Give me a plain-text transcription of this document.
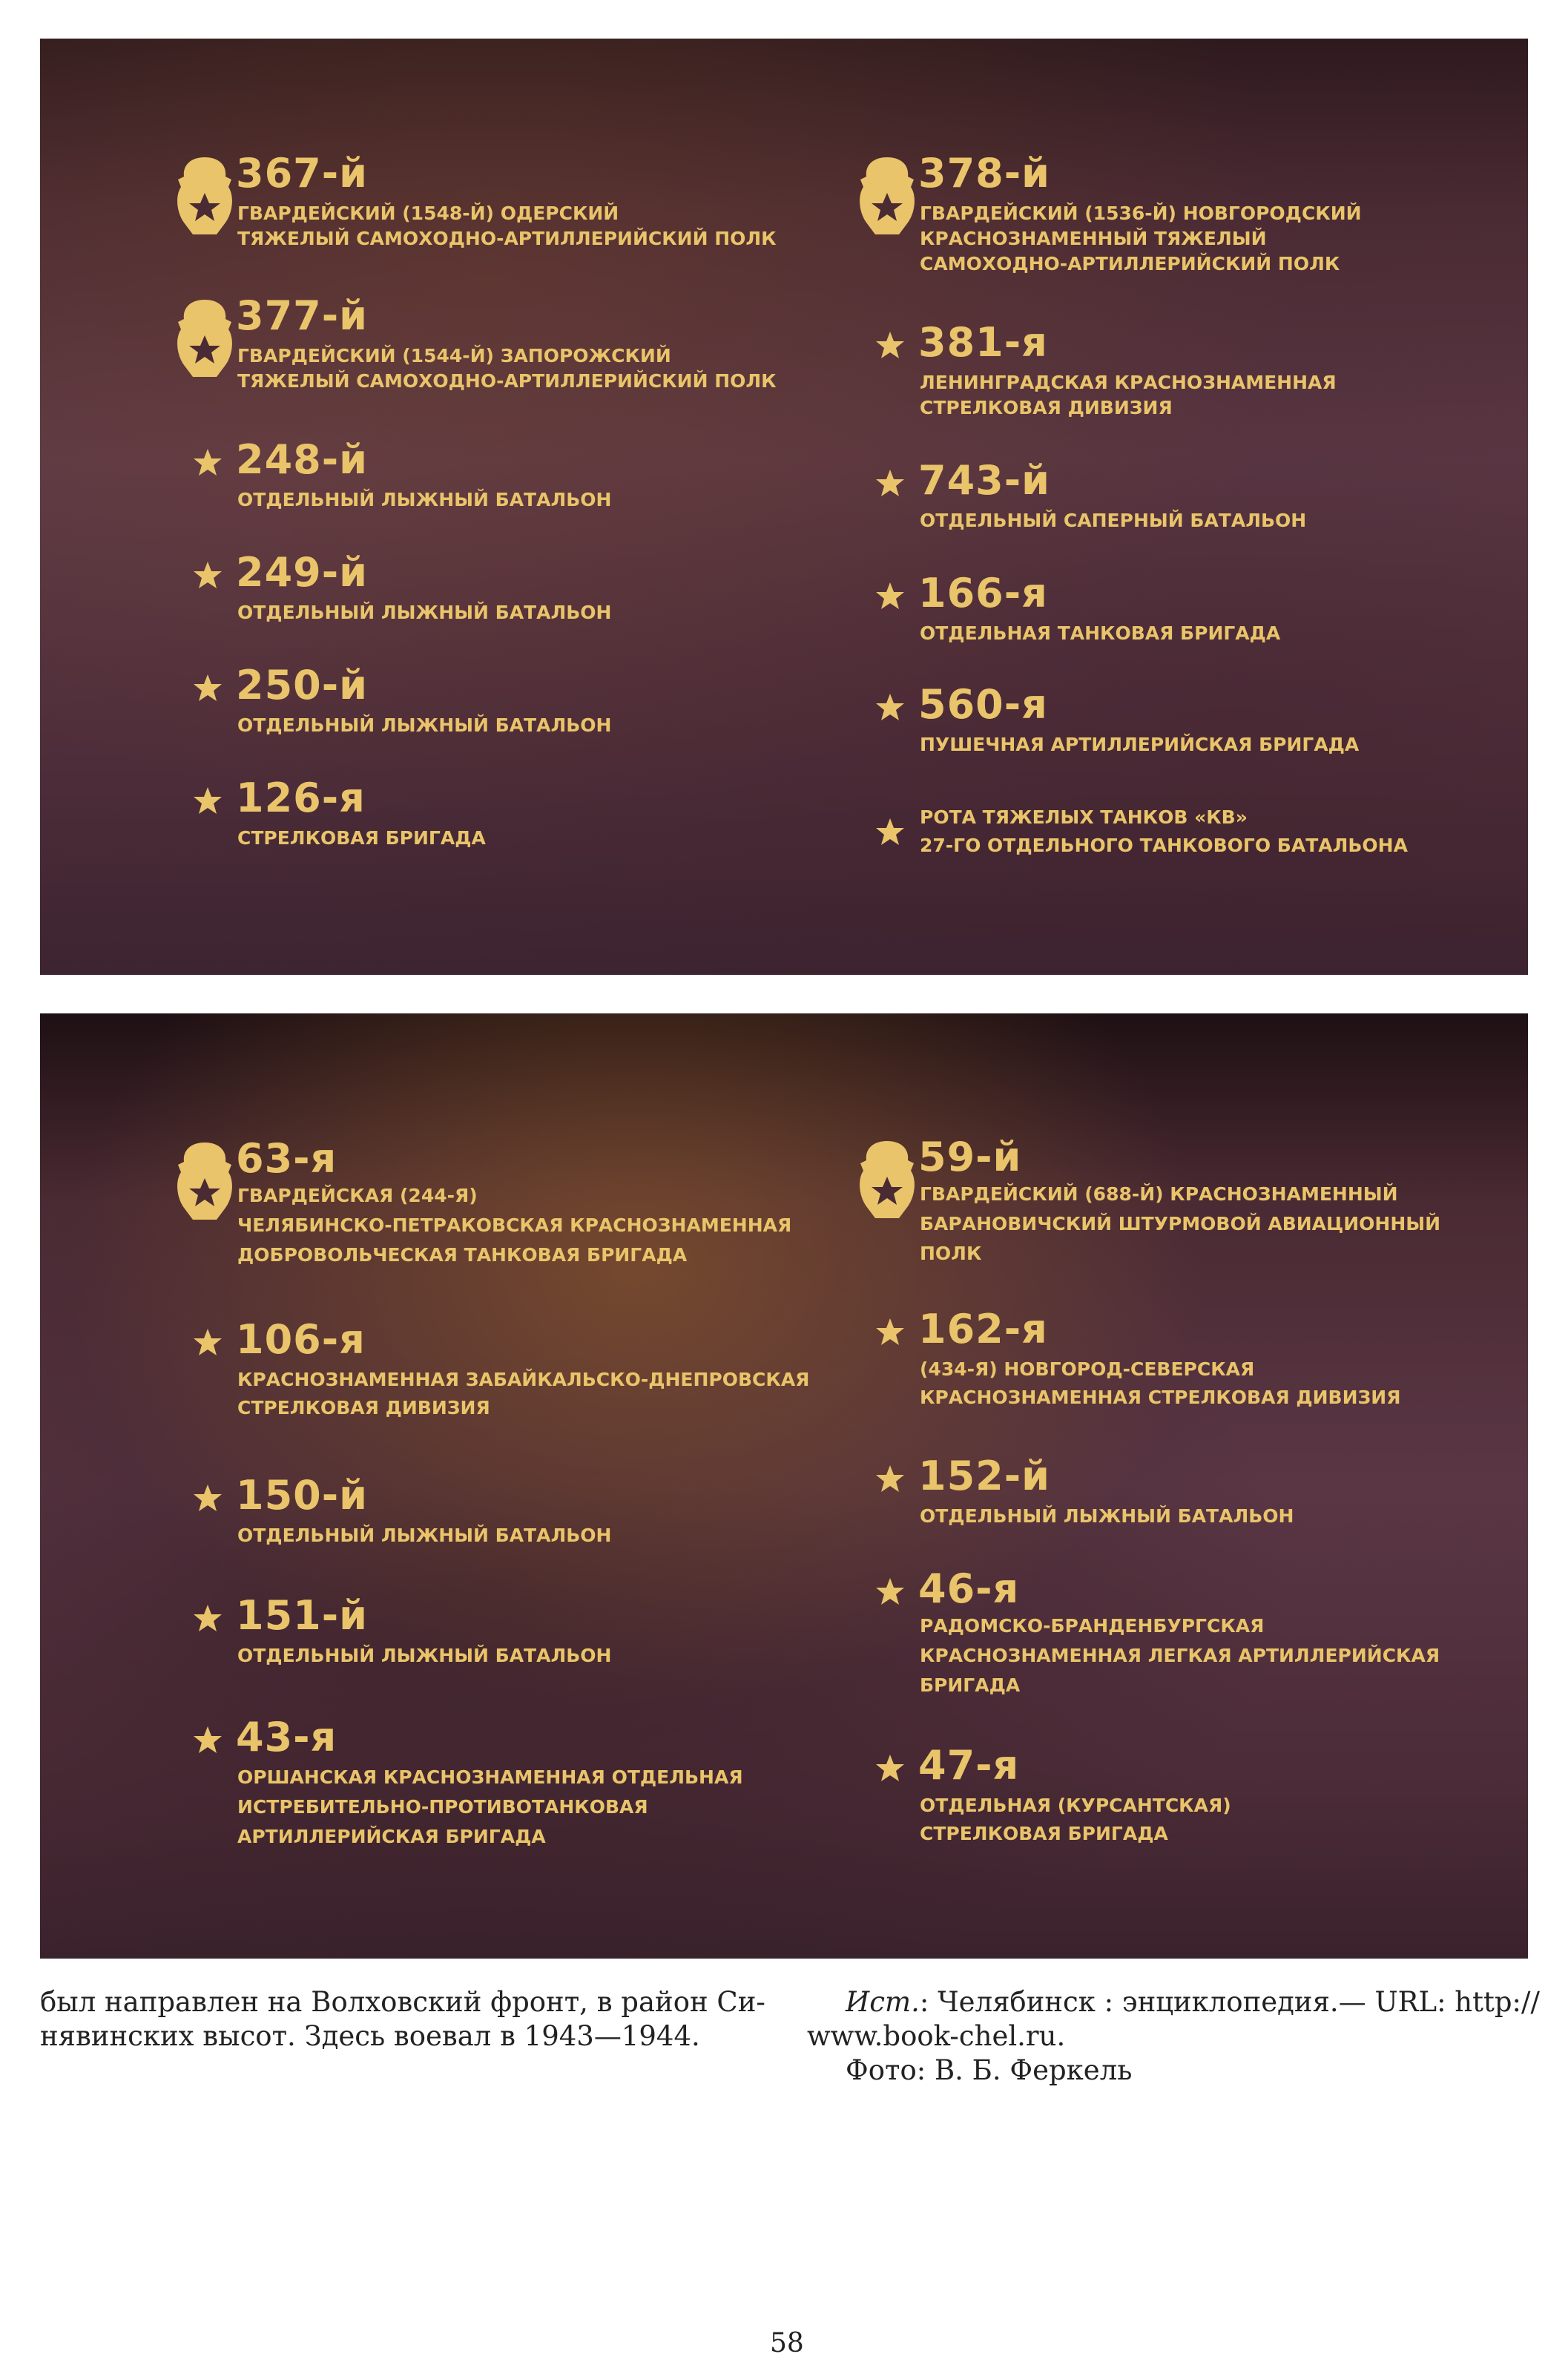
367-й
ГВАРДЕЙСКИЙ (1548-Й) ОДЕРСКИЙ
ТЯЖЕЛЫЙ САМОХОДНО-АРТИЛЛЕРИЙСКИЙ ПОЛК
377-й
ГВАРДЕЙСКИЙ (1544-Й) ЗАПОРОЖСКИЙ
ТЯЖЕЛЫЙ САМОХОДНО-АРТИЛЛЕРИЙСКИЙ ПОЛК
248-й
ОТДЕЛЬНЫЙ ЛЫЖНЫЙ БАТАЛЬОН
249-й
ОТДЕЛЬНЫЙ ЛЫЖНЫЙ БАТАЛЬОН
250-й
ОТДЕЛЬНЫЙ ЛЫЖНЫЙ БАТАЛЬОН
126-я
СТРЕЛКОВАЯ БРИГАДА
378-й
ГВАРДЕЙСКИЙ (1536-Й) НОВГОРОДСКИЙ
КРАСНОЗНАМЕННЫЙ ТЯЖЕЛЫЙ
САМОХОДНО-АРТИЛЛЕРИЙСКИЙ ПОЛК
381-я
ЛЕНИНГРАДСКАЯ КРАСНОЗНАМЕННАЯ
СТРЕЛКОВАЯ ДИВИЗИЯ
743-й
ОТДЕЛЬНЫЙ САПЕРНЫЙ БАТАЛЬОН
166-я
ОТДЕЛЬНАЯ ТАНКОВАЯ БРИГАДА
560-я
ПУШЕЧНАЯ АРТИЛЛЕРИЙСКАЯ БРИГАДА
РОТА ТЯЖЕЛЫХ ТАНКОВ «КВ»
27-ГО ОТДЕЛЬНОГО ТАНКОВОГО БАТАЛЬОНА
63-я
ГВАРДЕЙСКАЯ (244-Я)
ЧЕЛЯБИНСКО-ПЕТРАКОВСКАЯ КРАСНОЗНАМЕННАЯ
ДОБРОВОЛЬЧЕСКАЯ ТАНКОВАЯ БРИГАДА
106-я
КРАСНОЗНАМЕННАЯ ЗАБАЙКАЛЬСКО-ДНЕПРОВСКАЯ
СТРЕЛКОВАЯ ДИВИЗИЯ
150-й
ОТДЕЛЬНЫЙ ЛЫЖНЫЙ БАТАЛЬОН
151-й
ОТДЕЛЬНЫЙ ЛЫЖНЫЙ БАТАЛЬОН
43-я
ОРШАНСКАЯ КРАСНОЗНАМЕННАЯ ОТДЕЛЬНАЯ
ИСТРЕБИТЕЛЬНО-ПРОТИВОТАНКОВАЯ
АРТИЛЛЕРИЙСКАЯ БРИГАДА
59-й
ГВАРДЕЙСКИЙ (688-Й) КРАСНОЗНАМЕННЫЙ
БАРАНОВИЧСКИЙ ШТУРМОВОЙ АВИАЦИОННЫЙ
ПОЛК
162-я
(434-Я) НОВГОРОД-СЕВЕРСКАЯ
КРАСНОЗНАМЕННАЯ СТРЕЛКОВАЯ ДИВИЗИЯ
152-й
ОТДЕЛЬНЫЙ ЛЫЖНЫЙ БАТАЛЬОН
46-я
РАДОМСКО-БРАНДЕНБУРГСКАЯ
КРАСНОЗНАМЕННАЯ ЛЕГКАЯ АРТИЛЛЕРИЙСКАЯ
БРИГАДА
47-я
ОТДЕЛЬНАЯ (КУРСАНТСКАЯ)
СТРЕЛКОВАЯ БРИГАДА
был направлен на Волховский фронт, в район Си-
нявинских высот. Здесь воевал в 1943—1944.
Ист.: Челябинск : энциклопедия.— URL: http://
www.book-chel.ru.
Фото: В. Б. Феркель
58
